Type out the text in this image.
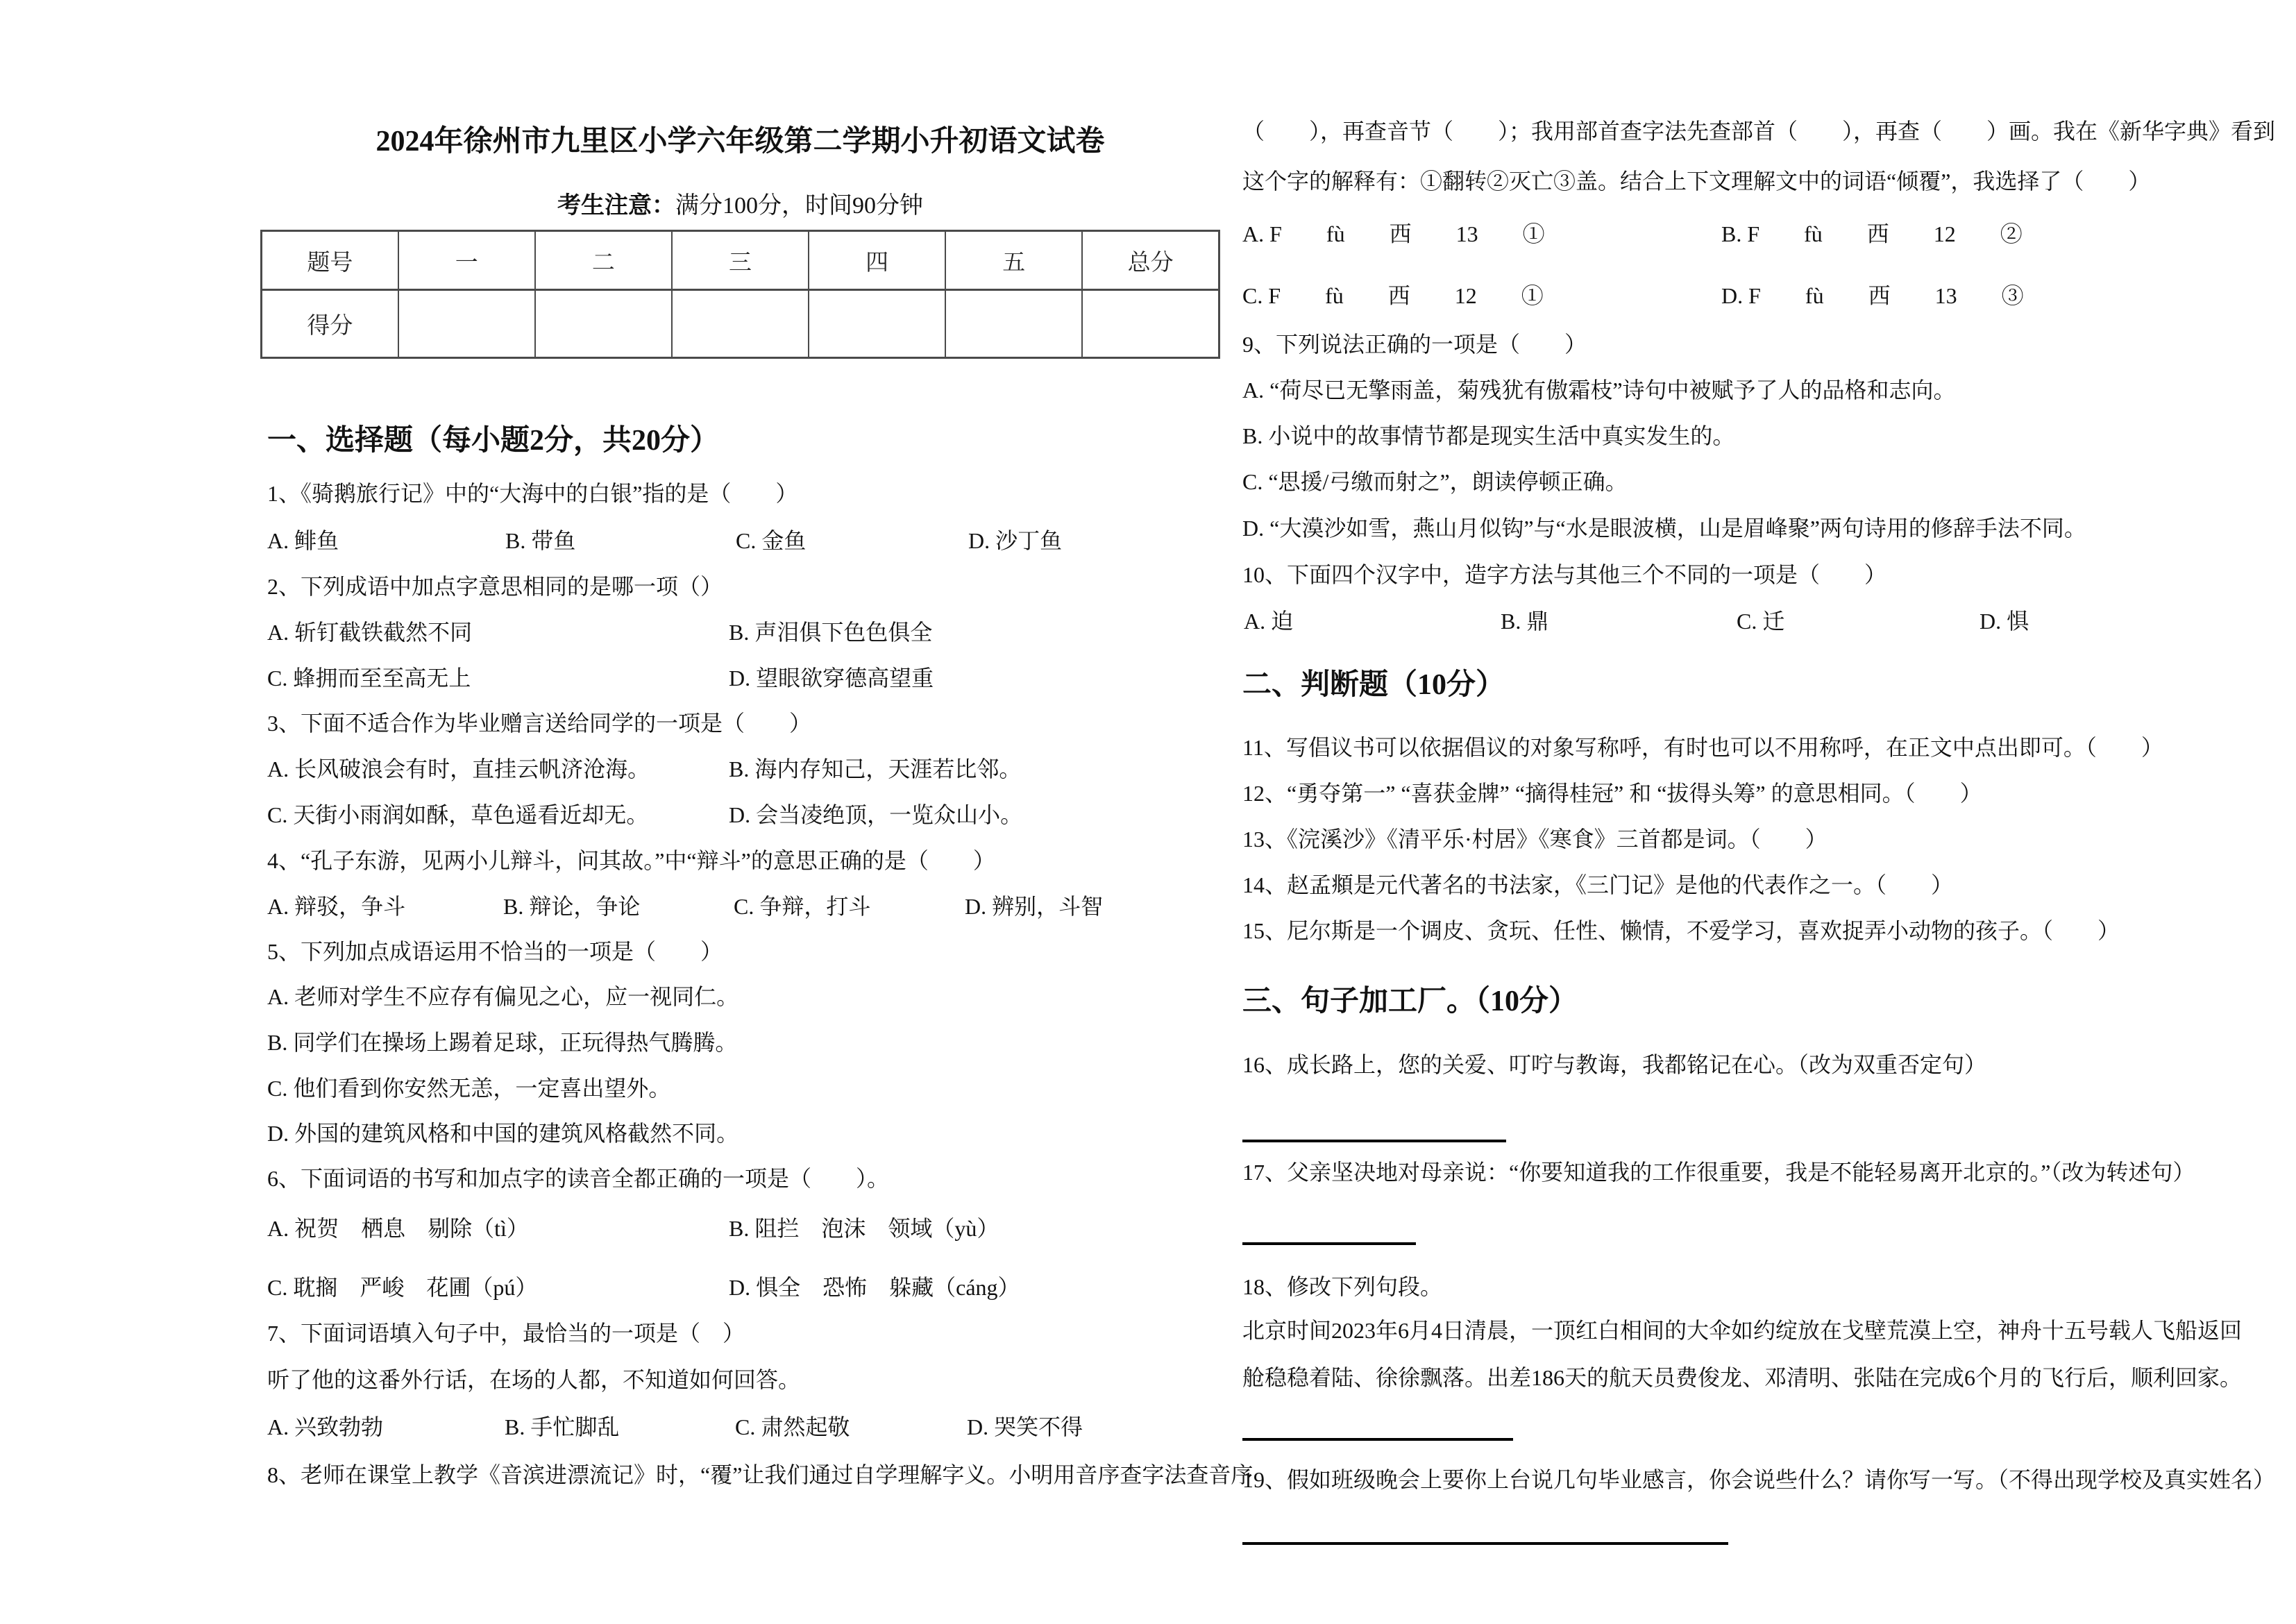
2024年徐州市九里区小学六年级第二学期小升初语文试卷
考生注意：满分100分，时间90分钟
题号	一	二	三	四	五	总分
得分						
一、选择题（每小题2分，共20分）
1、《骑鹅旅行记》中的“大海中的白银”指的是（　　）
A. 鲱鱼	B. 带鱼	C. 金鱼	D. 沙丁鱼
2、下列成语中加点字意思相同的是哪一项（）
A. 斩钉截铁截然不同	B. 声泪俱下色色俱全
C. 蜂拥而至至高无上	D. 望眼欲穿德高望重
3、下面不适合作为毕业赠言送给同学的一项是（　　）
A. 长风破浪会有时，直挂云帆济沧海。	B. 海内存知己，天涯若比邻。
C. 天街小雨润如酥，草色遥看近却无。	D. 会当凌绝顶，一览众山小。
4、“孔子东游，见两小儿辩斗，问其故。”中“辩斗”的意思正确的是（　　）
A. 辩驳，争斗	B. 辩论，争论	C. 争辩，打斗	D. 辨别，斗智
5、下列加点成语运用不恰当的一项是（　　）
A. 老师对学生不应存有偏见之心，应一视同仁。
B. 同学们在操场上踢着足球，正玩得热气腾腾。
C. 他们看到你安然无恙，一定喜出望外。
D. 外国的建筑风格和中国的建筑风格截然不同。
6、下面词语的书写和加点字的读音全都正确的一项是（　　）。
A. 祝贺　栖息　剔除（tì）	B. 阻拦　泡沫　领域（yù）
C. 耽搁　严峻　花圃（pú）	D. 惧全　恐怖　躲藏（cáng）
7、下面词语填入句子中，最恰当的一项是（　）
听了他的这番外行话，在场的人都，不知道如何回答。
A. 兴致勃勃	B. 手忙脚乱	C. 肃然起敬	D. 哭笑不得
8、老师在课堂上教学《音滨进漂流记》时，“覆”让我们通过自学理解字义。小明用音序查字法查音序
（　　），再查音节（　　）；我用部首查字法先查部首（　　），再查（　　）画。我在《新华字典》看到
这个字的解释有：①翻转②灭亡③盖。结合上下文理解文中的词语“倾覆”，我选择了（　　）
A. F　　fù　　西　　13　　①	B. F　　fù　　西　　12　　②
C. F　　fù　　西　　12　　①	D. F　　fù　　西　　13　　③
9、下列说法正确的一项是（　　）
A. “荷尽已无擎雨盖，菊残犹有傲霜枝”诗句中被赋予了人的品格和志向。
B. 小说中的故事情节都是现实生活中真实发生的。
C. “思援/弓缴而射之”，朗读停顿正确。
D. “大漠沙如雪，燕山月似钩”与“水是眼波横，山是眉峰聚”两句诗用的修辞手法不同。
10、下面四个汉字中，造字方法与其他三个不同的一项是（　　）
A. 迫	B. 鼎	C. 迁	D. 惧
二、判断题（10分）
11、写倡议书可以依据倡议的对象写称呼，有时也可以不用称呼，在正文中点出即可。（　　）
12、“勇夺第一” “喜获金牌” “摘得桂冠” 和 “拔得头筹” 的意思相同。（　　）
13、《浣溪沙》《清平乐·村居》《寒食》三首都是词。（　　）
14、赵孟頫是元代著名的书法家，《三门记》是他的代表作之一。（　　）
15、尼尔斯是一个调皮、贪玩、任性、懒情，不爱学习，喜欢捉弄小动物的孩子。（　　）
三、句子加工厂。（10分）
16、成长路上，您的关爱、叮咛与教诲，我都铭记在心。（改为双重否定句）
17、父亲坚决地对母亲说：“你要知道我的工作很重要，我是不能轻易离开北京的。”（改为转述句）
18、修改下列句段。
北京时间2023年6月4日清晨，一顶红白相间的大伞如约绽放在戈壁荒漠上空，神舟十五号载人飞船返回
舱稳稳着陆、徐徐飘落。出差186天的航天员费俊龙、邓清明、张陆在完成6个月的飞行后，顺利回家。
19、假如班级晚会上要你上台说几句毕业感言，你会说些什么？请你写一写。（不得出现学校及真实姓名）
